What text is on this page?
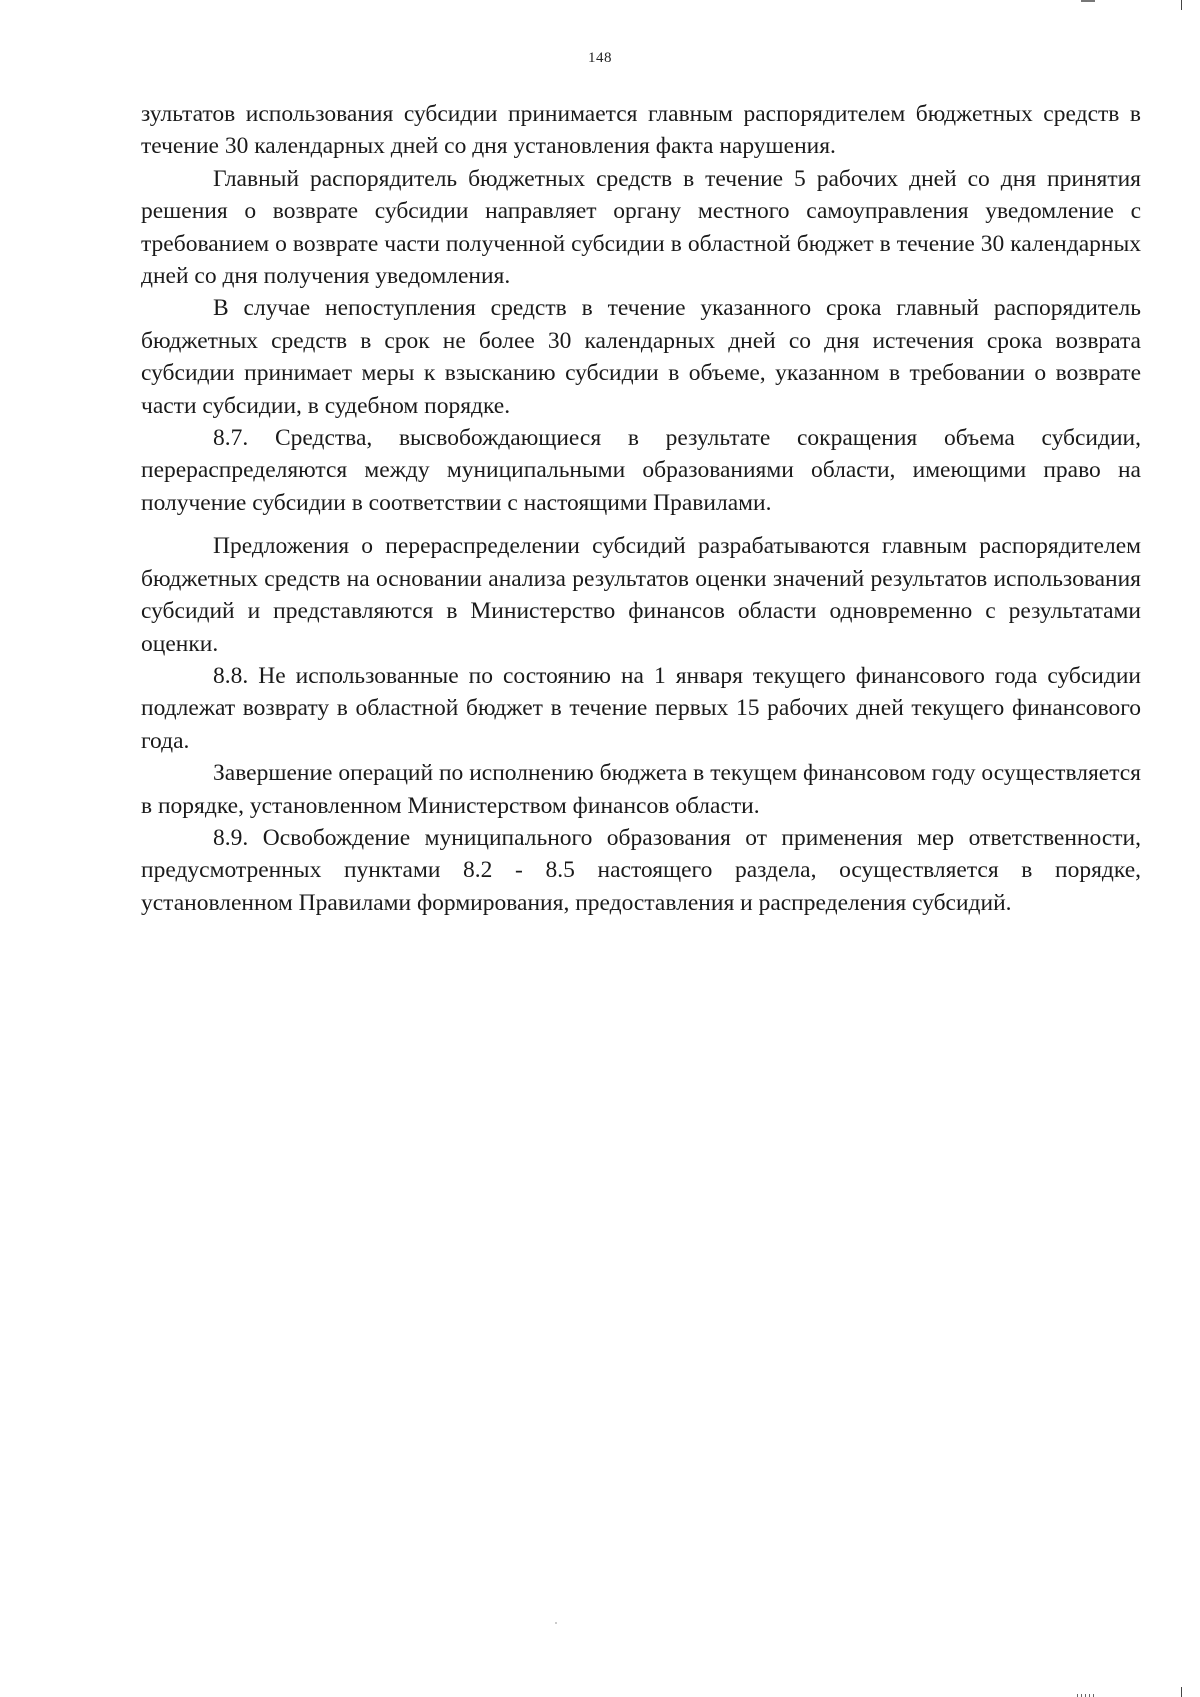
148

зультатов использования субсидии принимается главным распорядителем бюджетных средств в течение 30 календарных дней со дня установления факта нарушения.

Главный распорядитель бюджетных средств в течение 5 рабочих дней со дня принятия решения о возврате субсидии направляет органу местного самоуправления уведомление с требованием о возврате части полученной субсидии в областной бюджет в течение 30 календарных дней со дня получения уведомления.

В случае непоступления средств в течение указанного срока главный распорядитель бюджетных средств в срок не более 30 календарных дней со дня истечения срока возврата субсидии принимает меры к взысканию субсидии в объеме, указанном в требовании о возврате части субсидии, в судебном порядке.

8.7. Средства, высвобождающиеся в результате сокращения объема субсидии, перераспределяются между муниципальными образованиями области, имеющими право на получение субсидии в соответствии с настоящими Правилами.

Предложения о перераспределении субсидий разрабатываются главным распорядителем бюджетных средств на основании анализа результатов оценки значений результатов использования субсидий и представляются в Министерство финансов области одновременно с результатами оценки.

8.8. Не использованные по состоянию на 1 января текущего финансового года субсидии подлежат возврату в областной бюджет в течение первых 15 рабочих дней текущего финансового года.

Завершение операций по исполнению бюджета в текущем финансовом году осуществляется в порядке, установленном Министерством финансов области.

8.9. Освобождение муниципального образования от применения мер ответственности, предусмотренных пунктами 8.2 - 8.5 настоящего раздела, осуществляется в порядке, установленном Правилами формирования, предоставления и распределения субсидий.
